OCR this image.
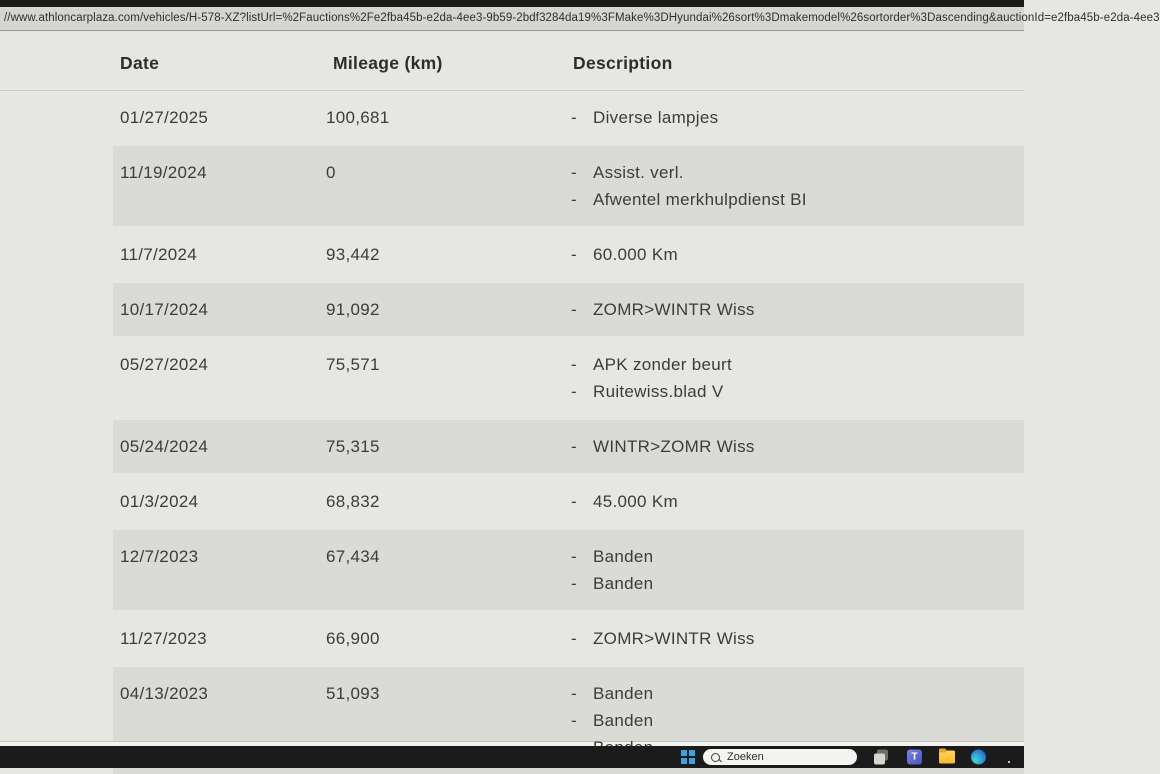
//www.athloncarplaza.com/vehicles/H-578-XZ?listUrl=%2Fauctions%2Fe2fba45b-e2da-4ee3-9b59-2bdf3284da19%3FMake%3DHyundai%26sort%3Dmakemodel%26sortorder%3Dascending&auctionId=e2fba45b-e2da-4ee3
Date	Mileage (km)	Description
01/27/2025	100,681	- Diverse lampjes
11/19/2024	0	- Assist. verl.
- Afwentel merkhulpdienst BI
11/7/2024	93,442	- 60.000 Km
10/17/2024	91,092	- ZOMR>WINTR Wiss
05/27/2024	75,571	- APK zonder beurt
- Ruitewiss.blad V
05/24/2024	75,315	- WINTR>ZOMR Wiss
01/3/2024	68,832	- 45.000 Km
12/7/2023	67,434	- Banden
- Banden
11/27/2023	66,900	- ZOMR>WINTR Wiss
04/13/2023	51,093	- Banden
- Banden
Zoeken	T
